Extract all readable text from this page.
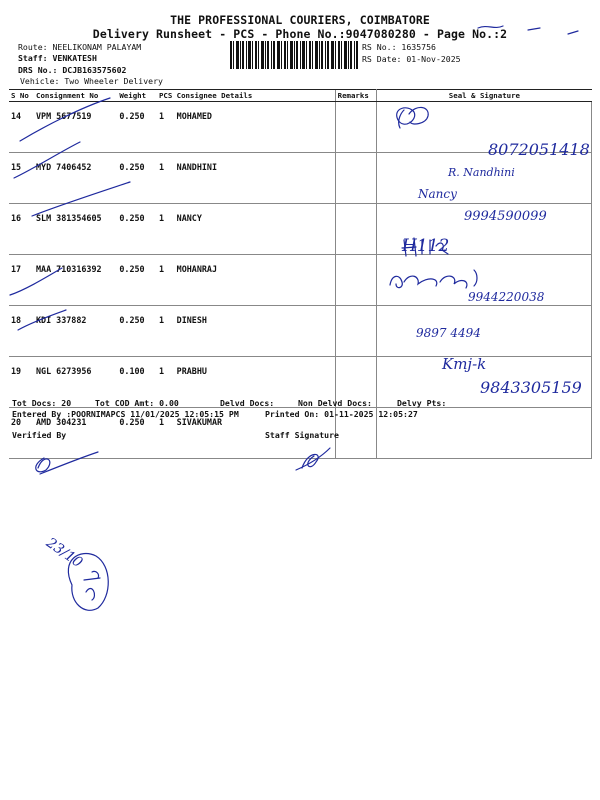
THE PROFESSIONAL COURIERS, COIMBATORE
Delivery Runsheet - PCS - Phone No.:9047080280 - Page No.:2
Route: NEELIKONAM PALAYAM
Staff: VENKATESH
DRS No.: DCJB163575602
Vehicle: Two Wheeler Delivery
RS No.: 1635756
RS Date: 01-Nov-2025
S No	Consignment No	Weight	PCS	Consignee Details	Remarks	Seal & Signature
14	VPM 5677519	0.250	1	MOHAMED		
15	MYD 7406452	0.250	1	NANDHINI		
16	SLM 381354605	0.250	1	NANCY		
17	MAA 710316392	0.250	1	MOHANRAJ		
18	KDI 337882	0.250	1	DINESH		
19	NGL 6273956	0.100	1	PRABHU		
20	AMD 304231	0.250	1	SIVAKUMAR		
Tot Docs: 20	Tot COD Amt: 0.00	Delvd Docs:	Non Delvd Docs:	Delvy Pts:
Entered By :POORNIMAPCS 11/01/2025 12:05:15 PM	Printed On: 01-11-2025 12:05:27
Verified By	Staff Signature
8072051418
R. Nandhini
Nancy
9994590099
H112
9944220038
9897 4494
Kmj-k
9843305159
23/10
